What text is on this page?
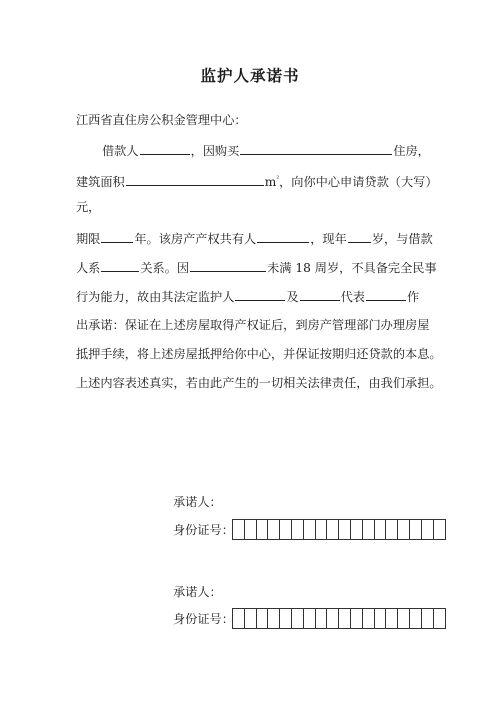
监护人承诺书
江西省直住房公积金管理中心：
借款人	，因购买	住房，
建筑面积	$m^{^2}$，向你中心申请贷款（大写）
元，
期限	年。该房产产权共有人	，现年 岁，与借款
人系	关系。因	未满 18 周岁，不具备完全民事
行为能力，故由其法定监护人	及	代表	作
出承诺：保证在上述房屋取得产权证后，到房产管理部门办理房屋
抵押手续，将上述房屋抵押给你中心，并保证按期归还贷款的本息。
上述内容表述真实，若由此产生的一切相关法律责任，由我们承担。
承诺人：
身份证号：
承诺人：
身份证号：
